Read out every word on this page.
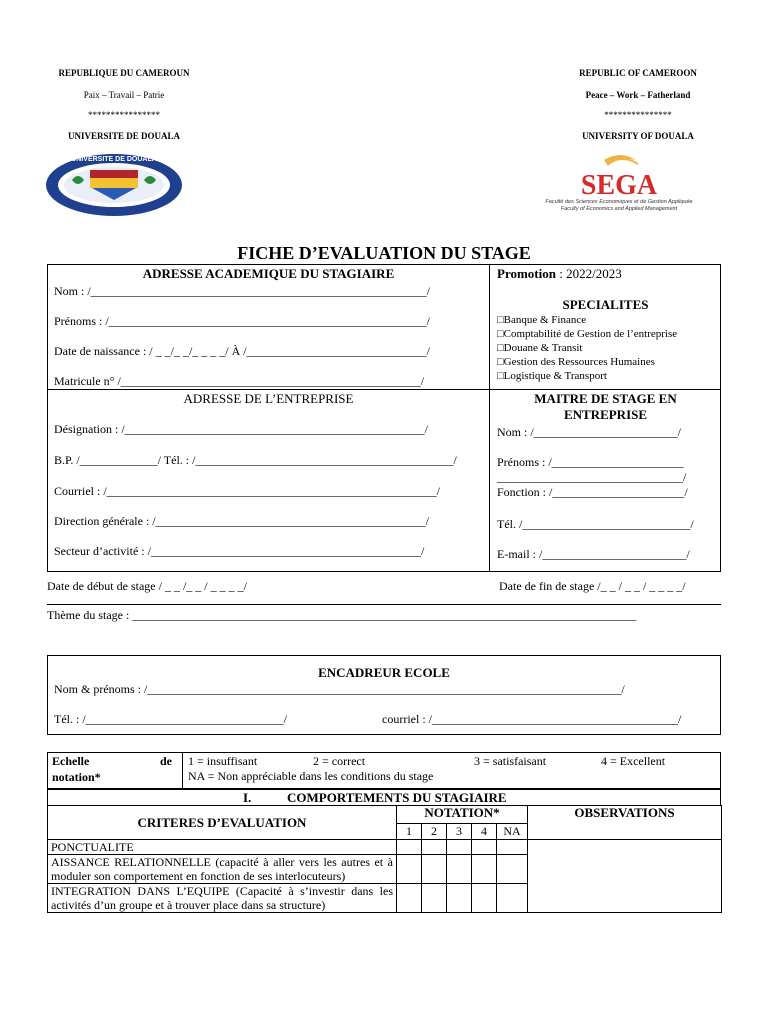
REPUBLIQUE DU CAMEROUN
Paix – Travail – Patrie
****************
UNIVERSITE DE DOUALA
REPUBLIC OF CAMEROON
Peace – Work – Fatherland
***************
UNIVERSITY OF DOUALA
UNIVERSITE DE DOUALA
SEGA
Faculté des Sciences Economiques et de Gestion Appliquée
Faculty of Economics and Applied Management
FICHE D’EVALUATION DU STAGE
ADRESSE ACADEMIQUE DU STAGIAIRE
Nom : /________________________________________________________/
Prénoms : /_____________________________________________________/
Date de naissance : / _ _/_ _/_ _ _ _/ À /______________________________/
Matricule n° /__________________________________________________/
Promotion : 2022/2023
SPECIALITES
□Banque & Finance
□Comptabilité de Gestion de l’entreprise
□Douane & Transit
□Gestion des Ressources Humaines
□Logistique & Transport
ADRESSE DE L’ENTREPRISE
Désignation : /__________________________________________________/
B.P. /_____________/ Tél. : /___________________________________________/
Courriel : /_______________________________________________________/
Direction générale : /_____________________________________________/
Secteur d’activité : /_____________________________________________/
MAITRE DE STAGE EN
ENTREPRISE
Nom : /________________________/
Prénoms : /______________________
_______________________________/
Fonction : /______________________/
Tél. /____________________________/
E-mail : /________________________/
Date de début de stage / _ _ /_ _ / _ _ _ _/	Date de fin de stage /_ _ / _ _ / _ _ _ _/
Thème du stage : ____________________________________________________________________________________
ENCADREUR ECOLE
Nom & prénoms : /_______________________________________________________________________________/
Tél. : /_________________________________/	courriel : /_________________________________________/
Echelle	de
notation*
1 = insuffisant	2 = correct	3 = satisfaisant	4 = Excellent
NA = Non appréciable dans les conditions du stage
I.	COMPORTEMENTS DU STAGIAIRE
CRITERES D’EVALUATION	NOTATION*					OBSERVATIONS
	1	2	3	4	NA	
PONCTUALITE						
AISSANCE RELATIONNELLE (capacité à aller vers les autres et à moduler son comportement en fonction de ses interlocuteurs)						
INTEGRATION DANS L’EQUIPE (Capacité à s’investir dans les activités d’un groupe et à trouver place dans sa structure)						
